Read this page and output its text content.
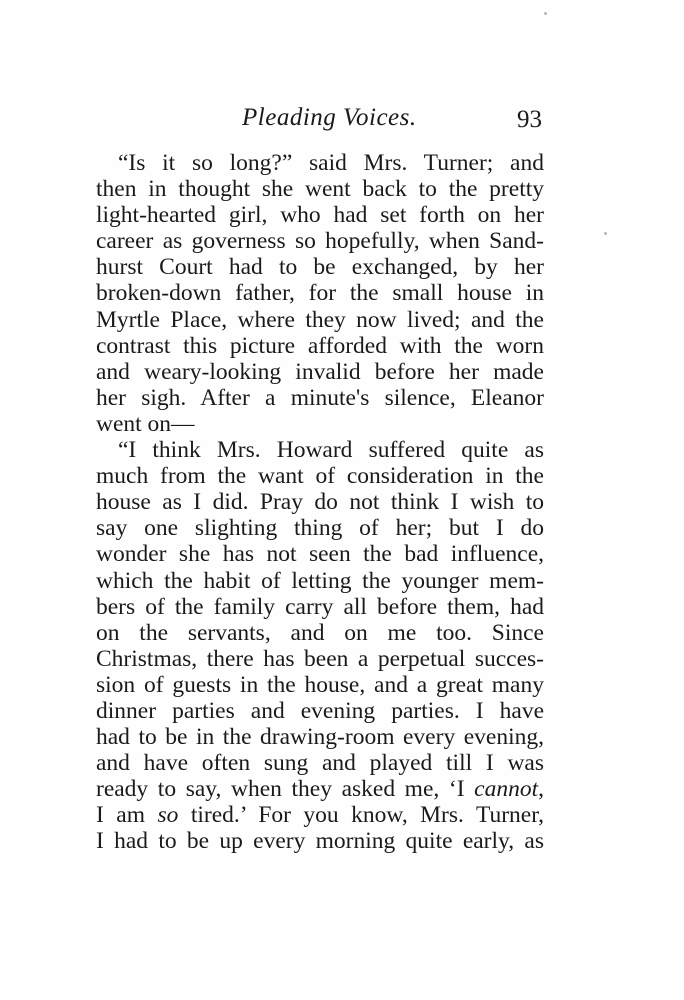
Pleading Voices.	93
“Is it so long?” said Mrs. Turner; and
then in thought she went back to the pretty
light-hearted girl, who had set forth on her
career as governess so hopefully, when Sand-
hurst Court had to be exchanged, by her
broken-down father, for the small house in
Myrtle Place, where they now lived; and the
contrast this picture afforded with the worn
and weary-looking invalid before her made
her sigh. After a minute's silence, Eleanor
went on—
“I think Mrs. Howard suffered quite as
much from the want of consideration in the
house as I did. Pray do not think I wish to
say one slighting thing of her; but I do
wonder she has not seen the bad influence,
which the habit of letting the younger mem-
bers of the family carry all before them, had
on the servants, and on me too. Since
Christmas, there has been a perpetual succes-
sion of guests in the house, and a great many
dinner parties and evening parties. I have
had to be in the drawing-room every evening,
and have often sung and played till I was
ready to say, when they asked me, ‘I cannot,
I am so tired.’ For you know, Mrs. Turner,
I had to be up every morning quite early, as
